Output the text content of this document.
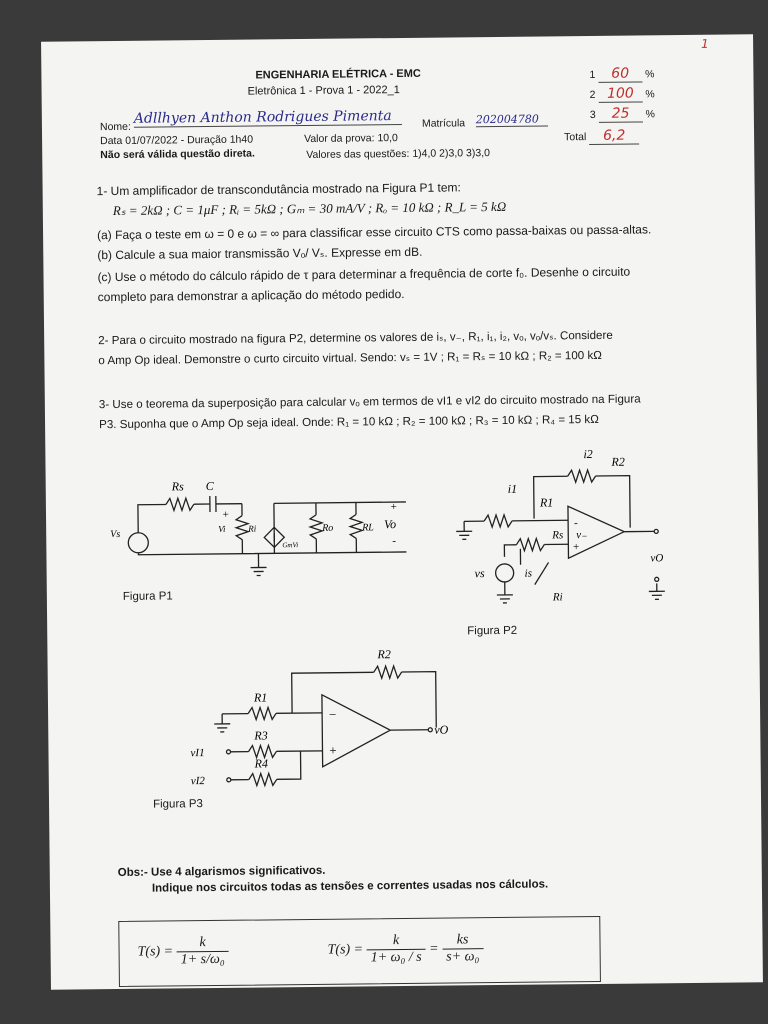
ENGENHARIA ELÉTRICA - EMC
Eletrônica 1 - Prova 1 - 2022_1
Nome:
Adllhyen Anthon Rodrigues Pimenta	Matrícula 202004780
Data 01/07/2022 - Duração 1h40	Valor da prova: 10,0
Não será válida questão direta.	Valores das questões: 1)4,0 2)3,0 3)3,0
1 60 %
2 100 %
3 25 %
Total 6,2
1
1- Um amplificador de transcondutância mostrado na Figura P1 tem:
Rₛ = 2kΩ ; C = 1μF ; Rᵢ = 5kΩ ; Gₘ = 30 mA/V ; Rₒ = 10 kΩ ; R_L = 5 kΩ
(a) Faça o teste em ω = 0 e ω = ∞ para classificar esse circuito CTS como passa-baixas ou passa-altas.
(b) Calcule a sua maior transmissão Vₒ/ Vₛ. Expresse em dB.
(c) Use o método do cálculo rápido de τ para determinar a frequência de corte f₀. Desenhe o circuito
completo para demonstrar a aplicação do método pedido.
2- Para o circuito mostrado na figura P2, determine os valores de iₛ, v₋, R₁, i₁, i₂, vₒ, vₒ/vₛ. Considere
o Amp Op ideal. Demonstre o curto circuito virtual. Sendo: vₛ = 1V ; R₁ = Rₛ = 10 kΩ ; R₂ = 100 kΩ
3- Use o teorema da superposição para calcular vₒ em termos de vI1 e vI2 do circuito mostrado na Figura
P3. Suponha que o Amp Op seja ideal. Onde: R₁ = 10 kΩ ; R₂ = 100 kΩ ; R₃ = 10 kΩ ; R₄ = 15 kΩ
Rs C
Vs
Vi	Ri
GmVi
Ro	RL Vo
+
+
-
Figura P1
i2
R2
i1
R1
v₋
Rs
vs	is
Ri
vO
-
+
Figura P2
R2
R1
R3
R4
vI1
vI2
vO
−
+
Figura P3
Obs:- Use 4 algarismos significativos.
Indique nos circuitos todas as tensões e correntes usadas nos cálculos.
$T(s) = \frac{k}{\text{1+ s/ω₀}}$	$T(s) = \frac{k}{\text{1+ ω₀ / s}} = \frac{ks}{\text{s+ ω₀}}$
